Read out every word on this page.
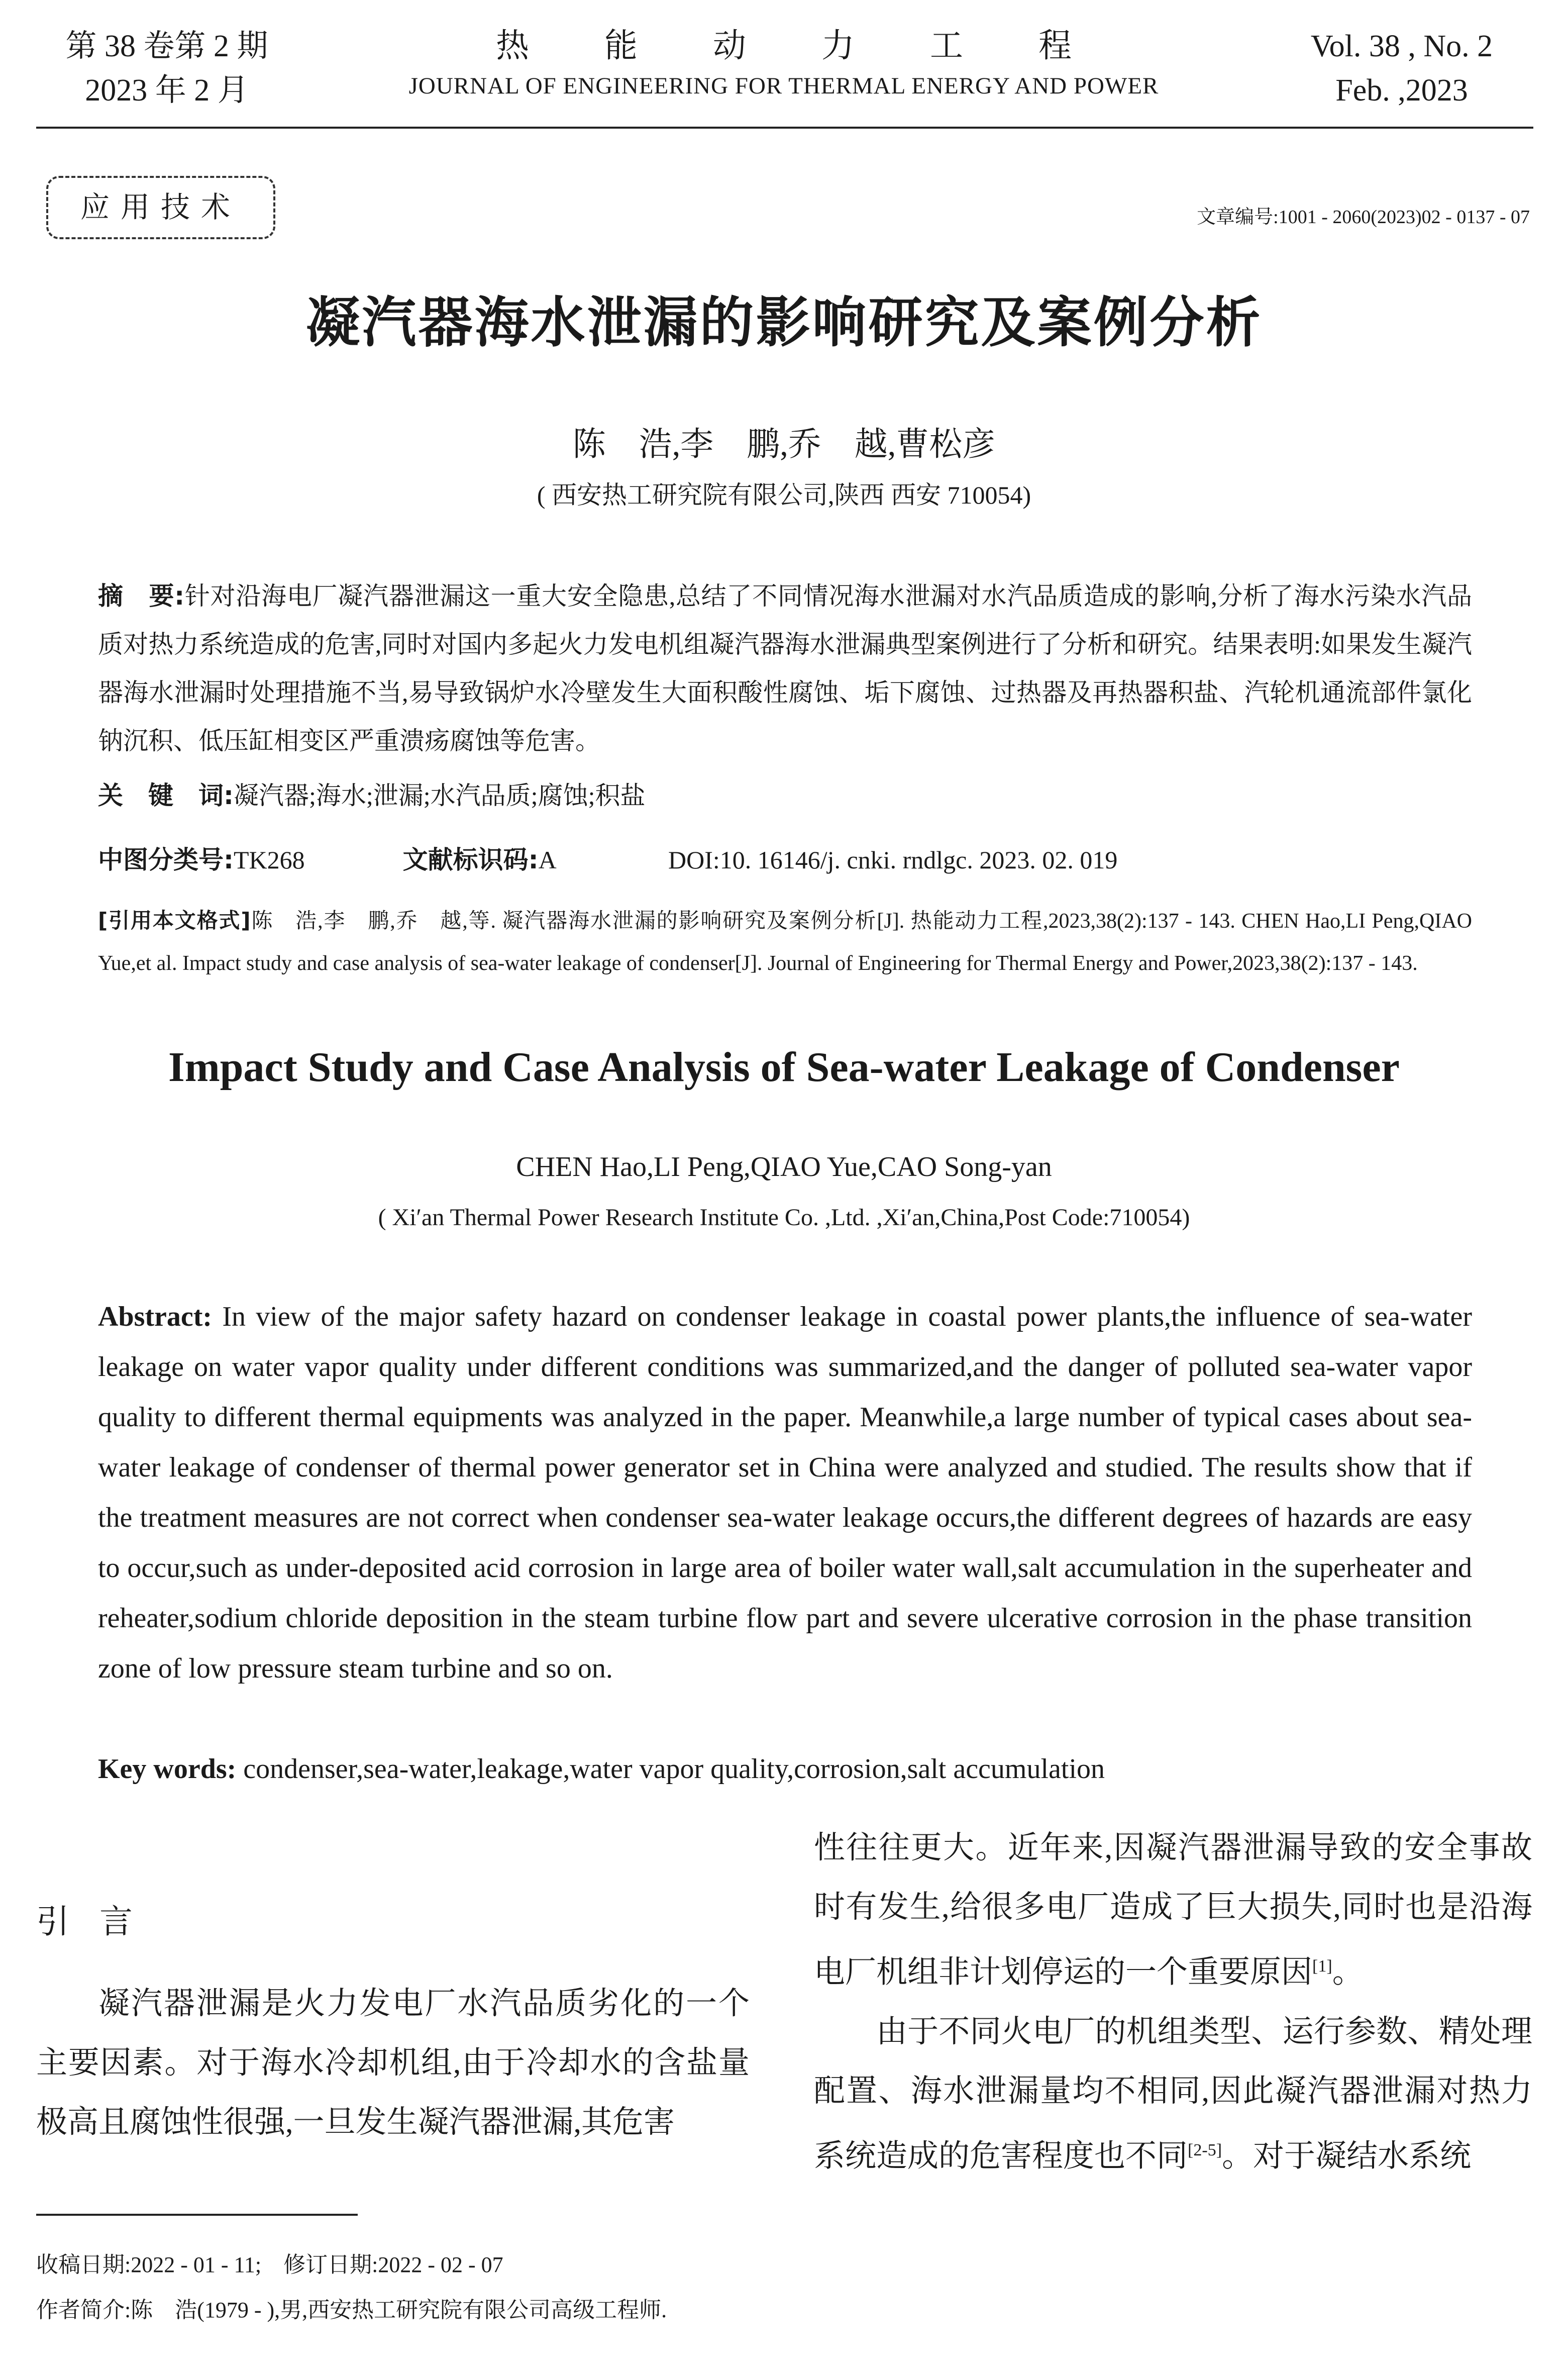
第 38 卷第 2 期
2023 年 2 月
热能动力工程
JOURNAL OF ENGINEERING FOR THERMAL ENERGY AND POWER
Vol. 38 , No. 2
Feb. ,2023
应用技术	文章编号:1001 - 2060(2023)02 - 0137 - 07
凝汽器海水泄漏的影响研究及案例分析
陈　浩,李　鹏,乔　越,曹松彦
( 西安热工研究院有限公司,陕西 西安 710054)
摘　要:针对沿海电厂凝汽器泄漏这一重大安全隐患,总结了不同情况海水泄漏对水汽品质造成的影响,分析了海水污染水汽品质对热力系统造成的危害,同时对国内多起火力发电机组凝汽器海水泄漏典型案例进行了分析和研究。结果表明:如果发生凝汽器海水泄漏时处理措施不当,易导致锅炉水冷壁发生大面积酸性腐蚀、垢下腐蚀、过热器及再热器积盐、汽轮机通流部件氯化钠沉积、低压缸相变区严重溃疡腐蚀等危害。
关　键　词:凝汽器;海水;泄漏;水汽品质;腐蚀;积盐
中图分类号:TK268	文献标识码:A	DOI:10. 16146/j. cnki. rndlgc. 2023. 02. 019
[引用本文格式]陈　浩,李　鹏,乔　越,等. 凝汽器海水泄漏的影响研究及案例分析[J]. 热能动力工程,2023,38(2):137 - 143. CHEN Hao,LI Peng,QIAO Yue,et al. Impact study and case analysis of sea-water leakage of condenser[J]. Journal of Engineering for Thermal Energy and Power,2023,38(2):137 - 143.
Impact Study and Case Analysis of Sea-water Leakage of Condenser
CHEN Hao,LI Peng,QIAO Yue,CAO Song-yan
( Xi′an Thermal Power Research Institute Co. ,Ltd. ,Xi′an,China,Post Code:710054)
Abstract: In view of the major safety hazard on condenser leakage in coastal power plants,the influence of sea-water leakage on water vapor quality under different conditions was summarized,and the danger of polluted sea-water vapor quality to different thermal equipments was analyzed in the paper. Meanwhile,a large number of typical cases about sea-water leakage of condenser of thermal power generator set in China were analyzed and studied. The results show that if the treatment measures are not correct when condenser sea-water leakage occurs,the different degrees of hazards are easy to occur,such as under-deposited acid corrosion in large area of boiler water wall,salt accumulation in the superheater and reheater,sodium chloride deposition in the steam turbine flow part and severe ulcerative corrosion in the phase transition zone of low pressure steam turbine and so on.
Key words: condenser,sea-water,leakage,water vapor quality,corrosion,salt accumulation
引言
凝汽器泄漏是火力发电厂水汽品质劣化的一个主要因素。对于海水冷却机组,由于冷却水的含盐量极高且腐蚀性很强,一旦发生凝汽器泄漏,其危害
性往往更大。近年来,因凝汽器泄漏导致的安全事故时有发生,给很多电厂造成了巨大损失,同时也是沿海电厂机组非计划停运的一个重要原因[1]。
由于不同火电厂的机组类型、运行参数、精处理配置、海水泄漏量均不相同,因此凝汽器泄漏对热力系统造成的危害程度也不同[2-5]。对于凝结水系统
收稿日期:2022 - 01 - 11;　修订日期:2022 - 02 - 07
作者简介:陈　浩(1979 - ),男,西安热工研究院有限公司高级工程师.
